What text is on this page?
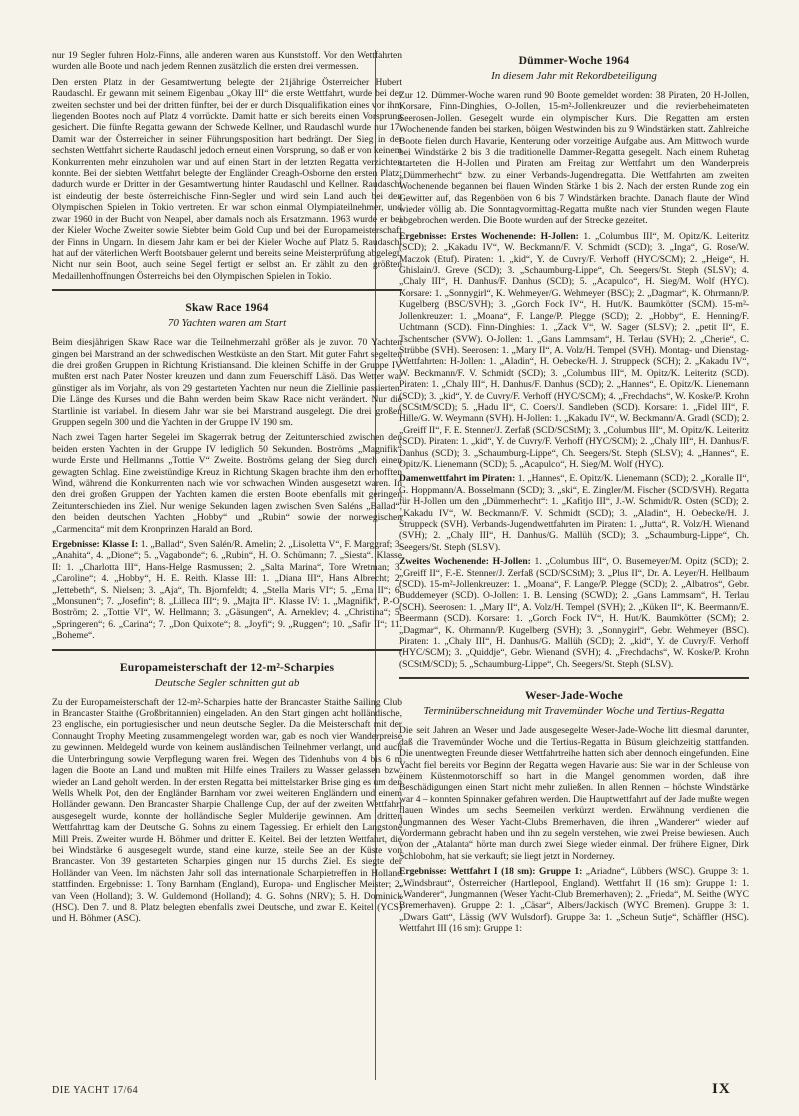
nur 19 Segler fuhren Holz-Finns, alle anderen waren aus Kunststoff. Vor den Wettfahrten wurden alle Boote und nach jedem Rennen zusätzlich die ersten drei vermessen.

Den ersten Platz in der Gesamtwertung belegte der 21jährige Österreicher Hubert Raudaschl. Er gewann mit seinem Eigenbau „Okay III“ die erste Wettfahrt, wurde bei der zweiten sechster und bei der dritten fünfter, bei der er durch Disqualifikation eines vor ihm liegenden Bootes noch auf Platz 4 vorrückte. Damit hatte er sich bereits einen Vorsprung gesichert. Die fünfte Regatta gewann der Schwede Kellner, und Raudaschl wurde nur 17. Damit war der Österreicher in seiner Führungsposition hart bedrängt. Der Sieg in der sechsten Wettfahrt sicherte Raudaschl jedoch erneut einen Vorsprung, so daß er von keinem Konkurrenten mehr einzuholen war und auf einen Start in der letzten Regatta verzichten konnte. Bei der siebten Wettfahrt belegte der Engländer Creagh-Osborne den ersten Platz; dadurch wurde er Dritter in der Gesamtwertung hinter Raudaschl und Kellner. Raudaschl ist eindeutig der beste österreichische Finn-Segler und wird sein Land auch bei den Olympischen Spielen in Tokio vertreten. Er war schon einmal Olympiateilnehmer, und zwar 1960 in der Bucht von Neapel, aber damals noch als Ersatzmann. 1963 wurde er bei der Kieler Woche Zweiter sowie Siebter beim Gold Cup und bei der Europameisterschaft der Finns in Ungarn. In diesem Jahr kam er bei der Kieler Woche auf Platz 5. Raudaschl hat auf der väterlichen Werft Bootsbauer gelernt und bereits seine Meisterprüfung abgelegt. Nicht nur sein Boot, auch seine Segel fertigt er selbst an. Er zählt zu den größten Medaillenhoffnungen Österreichs bei den Olympischen Spielen in Tokio.

Skaw Race 1964
70 Yachten waren am Start

Beim diesjährigen Skaw Race war die Teilnehmerzahl größer als je zuvor. 70 Yachten gingen bei Marstrand an der schwedischen Westküste an den Start. Mit guter Fahrt segelten die drei großen Gruppen in Richtung Kristiansand. Die kleinen Schiffe in der Gruppe IV mußten erst nach Pater Noster kreuzen und dann zum Feuerschiff Läsö. Das Wetter war günstiger als im Vorjahr, als von 29 gestarteten Yachten nur neun die Ziellinie passierten. Die Länge des Kurses und die Bahn werden beim Skaw Race nicht verändert. Nur die Startlinie ist variabel. In diesem Jahr war sie bei Marstrand ausgelegt. Die drei großen Gruppen segeln 300 und die Yachten in der Gruppe IV 190 sm.

Nach zwei Tagen harter Segelei im Skagerrak betrug der Zeitunterschied zwischen den beiden ersten Yachten in der Gruppe IV lediglich 50 Sekunden. Boströms „Magnifik“ wurde Erste und Hellmanns „Tottie V“ Zweite. Boströms gelang der Sieg durch einen gewagten Schlag. Eine zweistündige Kreuz in Richtung Skagen brachte ihm den erhofften Wind, während die Konkurrenten nach wie vor schwachen Winden ausgesetzt waren. In den drei großen Gruppen der Yachten kamen die ersten Boote ebenfalls mit geringen Zeitunterschieden ins Ziel. Nur wenige Sekunden lagen zwischen Sven Saléns „Ballad“, den beiden deutschen Yachten „Hobby“ und „Rubin“ sowie der norwegischen „Carmencita“ mit dem Kronprinzen Harald an Bord.

Ergebnisse: Klasse I: 1. „Ballad“, Sven Salén/R. Amelin; 2. „Lisoletta V“, F. Marggraf; 3. „Anahita“, 4. „Dione“; 5. „Vagabonde“; 6. „Rubin“, H. O. Schümann; 7. „Siesta“. Klasse II: 1. „Charlotta III“, Hans-Helge Rasmussen; 2. „Salta Marina“, Tore Wretman; 3. „Caroline“; 4. „Hobby“, H. E. Reith. Klasse III: 1. „Diana III“, Hans Albrecht; 2. „Jettebeth“, S. Nielsen; 3. „Aja“, Th. Bjornfeldt; 4. „Stella Maris VI“; 5. „Erna II“; 6. „Monsunen“; 7. „Josefin“; 8. „Lilleca III“; 9. „Majta II“. Klasse IV: 1. „Magnifik“, P.-O. Boström; 2. „Tottie VI“, W. Hellmann; 3. „Gäsungen“, A. Arneklev; 4. „Christina“; 5. „Springeren“; 6. „Carina“; 7. „Don Quixote“; 8. „Joyfi“; 9. „Ruggen“; 10. „Safir II“; 11. „Boheme“.

Europameisterschaft der 12-m²-Scharpies
Deutsche Segler schnitten gut ab

Zu der Europameisterschaft der 12-m²-Scharpies hatte der Brancaster Staithe Sailing Club in Brancaster Staithe (Großbritannien) eingeladen. An den Start gingen acht holländische, 23 englische, ein portugiesischer und neun deutsche Segler. Da die Meisterschaft mit der Connaught Trophy Meeting zusammengelegt worden war, gab es noch vier Wanderpreise zu gewinnen. Meldegeld wurde von keinem ausländischen Teilnehmer verlangt, und auch die Unterbringung sowie Verpflegung waren frei. Wegen des Tidenhubs von 4 bis 6 m lagen die Boote an Land und mußten mit Hilfe eines Trailers zu Wasser gelassen bzw. wieder an Land geholt werden. In der ersten Regatta bei mittelstarker Brise ging es um den Wells Whelk Pot, den der Engländer Barnham vor zwei weiteren Engländern und einem Holländer gewann. Den Brancaster Sharpie Challenge Cup, der auf der zweiten Wettfahrt ausgesegelt wurde, konnte der holländische Segler Mulderije gewinnen. Am dritten Wettfahrttag kam der Deutsche G. Sohns zu einem Tagessieg. Er erhielt den Langstone Mill Preis. Zweiter wurde H. Böhmer und dritter E. Keitel. Bei der letzten Wettfahrt, die bei Windstärke 6 ausgesegelt wurde, stand eine kurze, steile See an der Küste von Brancaster. Von 39 gestarteten Scharpies gingen nur 15 durchs Ziel. Es siegte der Holländer van Veen. Im nächsten Jahr soll das internationale Scharpietreffen in Holland stattfinden. Ergebnisse: 1. Tony Barnham (England), Europa- und Englischer Meister; 2. van Veen (Holland); 3. W. Guldemond (Holland); 4. G. Sohns (NRV); 5. H. Dominick (HSC). Den 7. und 8. Platz belegten ebenfalls zwei Deutsche, und zwar E. Keitel (YCS) und H. Böhmer (ASC).

Dümmer-Woche 1964
In diesem Jahr mit Rekordbeteiligung

Zur 12. Dümmer-Woche waren rund 90 Boote gemeldet worden: 38 Piraten, 20 H-Jollen, Korsare, Finn-Dinghies, O-Jollen, 15-m²-Jollenkreuzer und die revierbeheimateten Seerosen-Jollen. Gesegelt wurde ein olympischer Kurs. Die Regatten am ersten Wochenende fanden bei starken, böigen Westwinden bis zu 9 Windstärken statt. Zahlreiche Boote fielen durch Havarie, Kenterung oder vorzeitige Aufgabe aus. Am Mittwoch wurde bei Windstärke 2 bis 3 die traditionelle Dammer-Regatta gesegelt. Nach einem Ruhetag starteten die H-Jollen und Piraten am Freitag zur Wettfahrt um den Wanderpreis „Dümmerhecht“ bzw. zu einer Verbands-Jugendregatta. Die Wettfahrten am zweiten Wochenende begannen bei flauen Winden Stärke 1 bis 2. Nach der ersten Runde zog ein Gewitter auf, das Regenböen von 6 bis 7 Windstärken brachte. Danach flaute der Wind wieder völlig ab. Die Sonntagvormittag-Regatta mußte nach vier Stunden wegen Flaute abgebrochen werden. Die Boote wurden auf der Strecke gezeitet.

Ergebnisse: Erstes Wochenende: H-Jollen: 1. „Columbus III“, M. Opitz/K. Leiteritz (SCD); 2. „Kakadu IV“, W. Beckmann/F. V. Schmidt (SCD); 3. „Inga“, G. Rose/W. Maczok (Etuf). Piraten: 1. „kid“, Y. de Cuvry/F. Verhoff (HYC/SCM); 2. „Heige“, H. Ghislain/J. Greve (SCD); 3. „Schaumburg-Lippe“, Ch. Seegers/St. Steph (SLSV); 4. „Chaly III“, H. Danhus/F. Danhus (SCD); 5. „Acapulco“, H. Sieg/M. Wolf (HYC). Korsare: 1. „Sonnygirl“, K. Wehmeyer/G. Wehmeyer (BSC); 2. „Dagmar“, K. Ohrmann/P. Kugelberg (BSC/SVH); 3. „Gorch Fock IV“, H. Hut/K. Baumkötter (SCM). 15-m²-Jollenkreuzer: 1. „Moana“, F. Lange/P. Plegge (SCD); 2. „Hobby“, E. Henning/F. Uchtmann (SCD). Finn-Dinghies: 1. „Zack V“, W. Sager (SLSV); 2. „petit II“, E. Tschentscher (SVW). O-Jollen: 1. „Gans Lammsam“, H. Terlau (SVH); 2. „Cherie“, C. Strübbe (SVH). Seerosen: 1. „Mary II“, A. Volz/H. Tempel (SVH). Montag- und Dienstag-Wettfahrten: H-Jollen: 1. „Aladin“, H. Oebecke/H. J. Struppeck (SCH); 2. „Kakadu IV“, W. Beckmann/F. V. Schmidt (SCD); 3. „Columbus III“, M. Opitz/K. Leiteritz (SCD). Piraten: 1. „Chaly III“, H. Danhus/F. Danhus (SCD); 2. „Hannes“, E. Opitz/K. Lienemann (SCD); 3. „kid“, Y. de Cuvry/F. Verhoff (HYC/SCM); 4. „Frechdachs“, W. Koske/P. Krohn (SCStM/SCD); 5. „Hadu II“, C. Coers/J. Sandleben (SCD). Korsare: 1. „Fidel III“, F. Hille/G. W. Weymann (SVH). H-Jollen: 1. „Kakadu IV“, W. Beckmann/A. Gradl (SCD); 2. „Greiff II“, F. E. Stenner/J. Zerfaß (SCD/SCStM); 3. „Columbus III“, M. Opitz/K. Leiteritz (SCD). Piraten: 1. „kid“, Y. de Cuvry/F. Verhoff (HYC/SCM); 2. „Chaly III“, H. Danhus/F. Danhus (SCD); 3. „Schaumburg-Lippe“, Ch. Seegers/St. Steph (SLSV); 4. „Hannes“, E. Opitz/K. Lienemann (SCD); 5. „Acapulco“, H. Sieg/M. Wolf (HYC).

Damenwettfahrt im Piraten: 1. „Hannes“, E. Opitz/K. Lienemann (SCD); 2. „Koralle II“, G. Hoppmann/A. Bosselmann (SCD); 3. „ski“, E. Zingler/M. Fischer (SCD/SVH). Regatta für H-Jollen um den „Dümmerhecht“: 1. „Kafitjo III“, J.-W. Schmidt/R. Osten (SCD); 2. „Kakadu IV“, W. Beckmann/F. V. Schmidt (SCD); 3. „Aladin“, H. Oebecke/H. J. Struppeck (SVH). Verbands-Jugendwettfahrten im Piraten: 1. „Jutta“, R. Volz/H. Wienand (SVH); 2. „Chaly III“, H. Danhus/G. Mallüh (SCD); 3. „Schaumburg-Lippe“, Ch. Seegers/St. Steph (SLSV).

Zweites Wochenende: H-Jollen: 1. „Columbus III“, O. Busemeyer/M. Opitz (SCD); 2. „Greiff II“, F.-E. Stenner/J. Zerfaß (SCD/SCStM); 3. „Plus II“, Dr. A. Leyer/H. Hellbaum (SCD). 15-m²-Jollenkreuzer: 1. „Moana“, F. Lange/P. Plegge (SCD); 2. „Albatros“, Gebr. Buddemeyer (SCD). O-Jollen: 1. B. Lensing (SCWD); 2. „Gans Lammsam“, H. Terlau (SCH). Seerosen: 1. „Mary II“, A. Volz/H. Tempel (SVH); 2. „Küken II“, K. Beermann/E. Beermann (SCD). Korsare: 1. „Gorch Fock IV“, H. Hut/K. Baumkötter (SCM); 2. „Dagmar“, K. Ohrmann/P. Kugelberg (SVH); 3. „Sonnygirl“, Gebr. Wehmeyer (BSC). Piraten: 1. „Chaly III“, H. Danhus/G. Mallüh (SCD); 2. „kid“, Y. de Cuvry/F. Verhoff (HYC/SCM); 3. „Quiddje“, Gebr. Wienand (SVH); 4. „Frechdachs“, W. Koske/P. Krohn (SCStM/SCD); 5. „Schaumburg-Lippe“, Ch. Seegers/St. Steph (SLSV).

Weser-Jade-Woche
Terminüberschneidung mit Travemünder Woche und Tertius-Regatta

Die seit Jahren an Weser und Jade ausgesegelte Weser-Jade-Woche litt diesmal darunter, daß die Travemünder Woche und die Tertius-Regatta in Büsum gleichzeitig stattfanden. Die unentwegten Freunde dieser Wettfahrtreihe hatten sich aber dennoch eingefunden. Eine Yacht fiel bereits vor Beginn der Regatta wegen Havarie aus: Sie war in der Schleuse von einem Küstenmotorschiff so hart in die Mangel genommen worden, daß ihre Beschädigungen einen Start nicht mehr zuließen. In allen Rennen – höchste Windstärke war 4 – konnten Spinnaker gefahren werden. Die Hauptwettfahrt auf der Jade mußte wegen flauen Windes um sechs Seemeilen verkürzt werden. Erwähnung verdienen die Jungmannen des Weser Yacht-Clubs Bremerhaven, die ihren „Wanderer“ wieder auf Vordermann gebracht haben und ihn zu segeln verstehen, wie zwei Preise bewiesen. Auch von der „Atalanta“ hörte man durch zwei Siege wieder einmal. Der frühere Eigner, Dirk Schlobohm, hat sie verkauft; sie liegt jetzt in Norderney.

Ergebnisse: Wettfahrt I (18 sm): Gruppe 1: „Ariadne“, Lübbers (WSC). Gruppe 3: 1. „Windsbraut“, Österreicher (Hartlepool, England). Wettfahrt II (16 sm): Gruppe 1: 1. „Wanderer“, Jungmannen (Weser Yacht-Club Bremerhaven); 2. „Frieda“, M. Seithe (WYC Bremerhaven). Gruppe 2: 1. „Cäsar“, Albers/Jackisch (WYC Bremen). Gruppe 3: 1. „Dwars Gatt“, Lässig (WV Wulsdorf). Gruppe 3a: 1. „Scheun Sutje“, Schäffler (HSC). Wettfahrt III (16 sm): Gruppe 1:

DIE YACHT 17/64	IX
